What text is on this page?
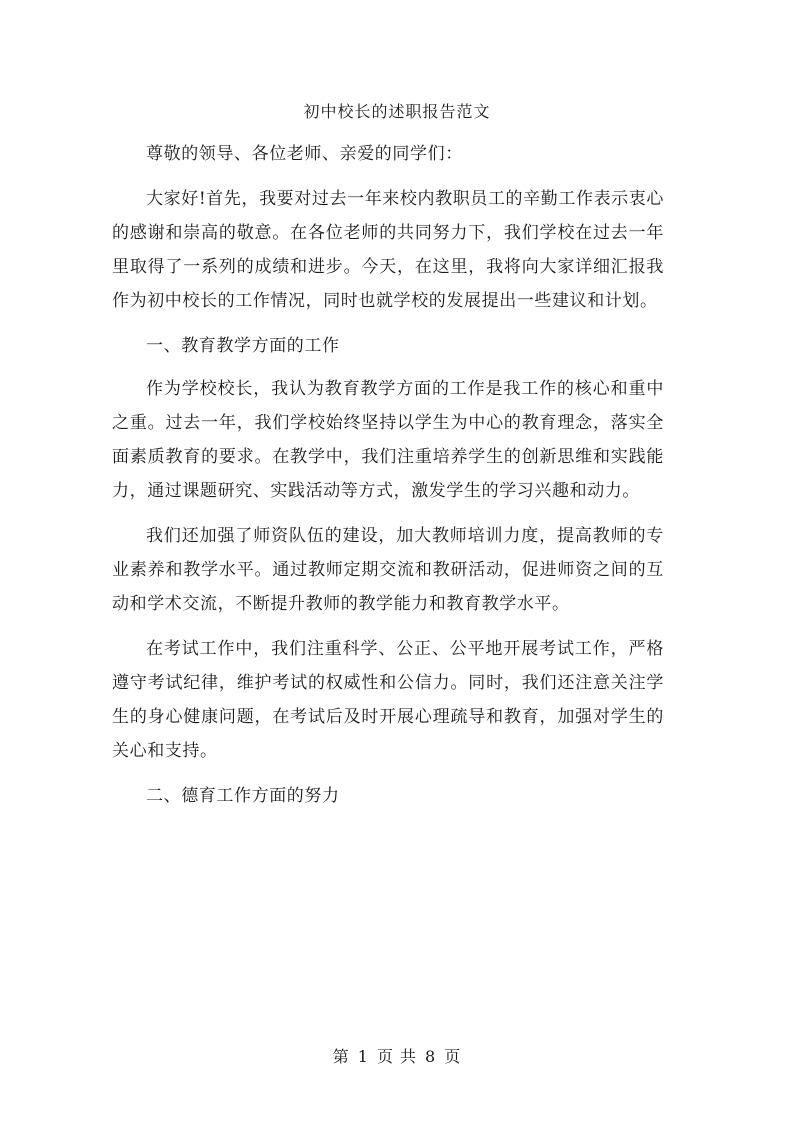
初中校长的述职报告范文

尊敬的领导、各位老师、亲爱的同学们：

大家好!首先，我要对过去一年来校内教职员工的辛勤工作表示衷心的感谢和崇高的敬意。在各位老师的共同努力下，我们学校在过去一年里取得了一系列的成绩和进步。今天，在这里，我将向大家详细汇报我作为初中校长的工作情况，同时也就学校的发展提出一些建议和计划。

一、教育教学方面的工作

作为学校校长，我认为教育教学方面的工作是我工作的核心和重中之重。过去一年，我们学校始终坚持以学生为中心的教育理念，落实全面素质教育的要求。在教学中，我们注重培养学生的创新思维和实践能力，通过课题研究、实践活动等方式，激发学生的学习兴趣和动力。

我们还加强了师资队伍的建设，加大教师培训力度，提高教师的专业素养和教学水平。通过教师定期交流和教研活动，促进师资之间的互动和学术交流，不断提升教师的教学能力和教育教学水平。

在考试工作中，我们注重科学、公正、公平地开展考试工作，严格遵守考试纪律，维护考试的权威性和公信力。同时，我们还注意关注学生的身心健康问题，在考试后及时开展心理疏导和教育，加强对学生的关心和支持。

二、德育工作方面的努力

第 1 页 共 8 页
